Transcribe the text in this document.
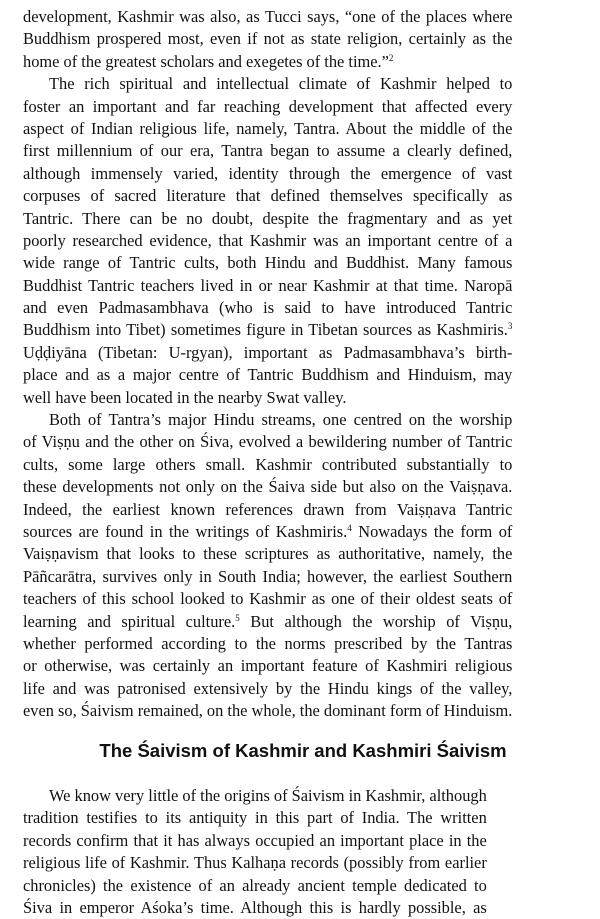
development, Kashmir was also, as Tucci says, “one of the places where
Buddhism prospered most, even if not as state religion, certainly as the
home of the greatest scholars and exegetes of the time.”$^2$

The rich spiritual and intellectual climate of Kashmir helped to
foster an important and far reaching development that affected every
aspect of Indian religious life, namely, Tantra. About the middle of the
first millennium of our era, Tantra began to assume a clearly defined,
although immensely varied, identity through the emergence of vast
corpuses of sacred literature that defined themselves specifically as
Tantric. There can be no doubt, despite the fragmentary and as yet
poorly researched evidence, that Kashmir was an important centre of a
wide range of Tantric cults, both Hindu and Buddhist. Many famous
Buddhist Tantric teachers lived in or near Kashmir at that time. Naropā
and even Padmasambhava (who is said to have introduced Tantric
Buddhism into Tibet) sometimes figure in Tibetan sources as Kashmiris.$^3$
Uḍḍiyāna (Tibetan: U-rgyan), important as Padmasambhava’s birth-
place and as a major centre of Tantric Buddhism and Hinduism, may
well have been located in the nearby Swat valley.

Both of Tantra’s major Hindu streams, one centred on the worship
of Viṣṇu and the other on Śiva, evolved a bewildering number of Tantric
cults, some large others small. Kashmir contributed substantially to
these developments not only on the Śaiva side but also on the Vaiṣṇava.
Indeed, the earliest known references drawn from Vaiṣṇava Tantric
sources are found in the writings of Kashmiris.$^4$ Nowadays the form of
Vaiṣṇavism that looks to these scriptures as authoritative, namely, the
Pāñcarātra, survives only in South India; however, the earliest Southern
teachers of this school looked to Kashmir as one of their oldest seats of
learning and spiritual culture.$^5$ But although the worship of Viṣṇu,
whether performed according to the norms prescribed by the Tantras
or otherwise, was certainly an important feature of Kashmiri religious
life and was patronised extensively by the Hindu kings of the valley,
even so, Śaivism remained, on the whole, the dominant form of Hinduism.

The Śaivism of Kashmir and Kashmiri Śaivism

We know very little of the origins of Śaivism in Kashmir, although
tradition testifies to its antiquity in this part of India. The written
records confirm that it has always occupied an important place in the
religious life of Kashmir. Thus Kalhaṇa records (possibly from earlier
chronicles) the existence of an already ancient temple dedicated to
Śiva in emperor Aśoka’s time. Although this is hardly possible, as
